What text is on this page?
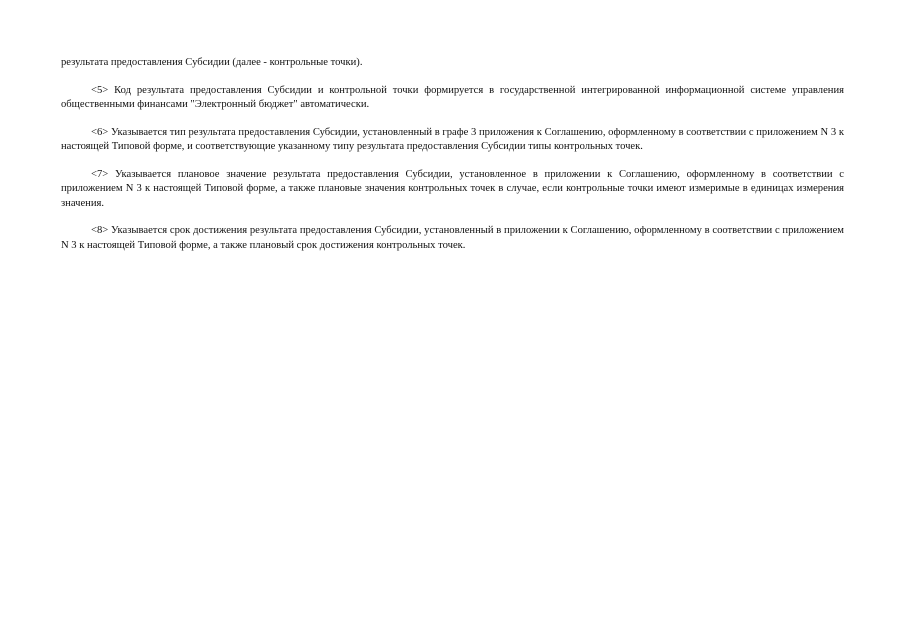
результата предоставления Субсидии (далее - контрольные точки).

<5> Код результата предоставления Субсидии и контрольной точки формируется в государственной интегрированной информационной системе управления общественными финансами "Электронный бюджет" автоматически.

<6> Указывается тип результата предоставления Субсидии, установленный в графе 3 приложения к Соглашению, оформленному в соответствии с приложением N 3 к настоящей Типовой форме, и соответствующие указанному типу результата предоставления Субсидии типы контрольных точек.

<7> Указывается плановое значение результата предоставления Субсидии, установленное в приложении к Соглашению, оформленному в соответствии с приложением N 3 к настоящей Типовой форме, а также плановые значения контрольных точек в случае, если контрольные точки имеют измеримые в единицах измерения значения.

<8> Указывается срок достижения результата предоставления Субсидии, установленный в приложении к Соглашению, оформленному в соответствии с приложением N 3 к настоящей Типовой форме, а также плановый срок достижения контрольных точек.
